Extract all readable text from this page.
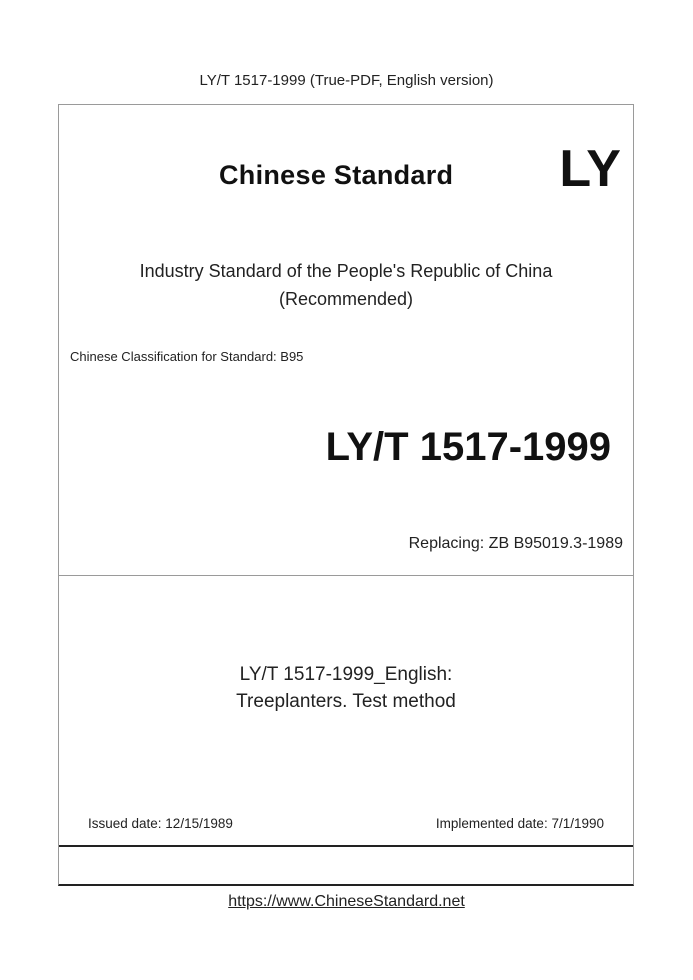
LY/T 1517-1999 (True-PDF, English version)
Chinese Standard LY
Industry Standard of the People's Republic of China
(Recommended)
Chinese Classification for Standard: B95
LY/T 1517-1999
Replacing: ZB B95019.3-1989
LY/T 1517-1999_English:
Treeplanters. Test method
Issued date: 12/15/1989	Implemented date: 7/1/1990
https://www.ChineseStandard.net
